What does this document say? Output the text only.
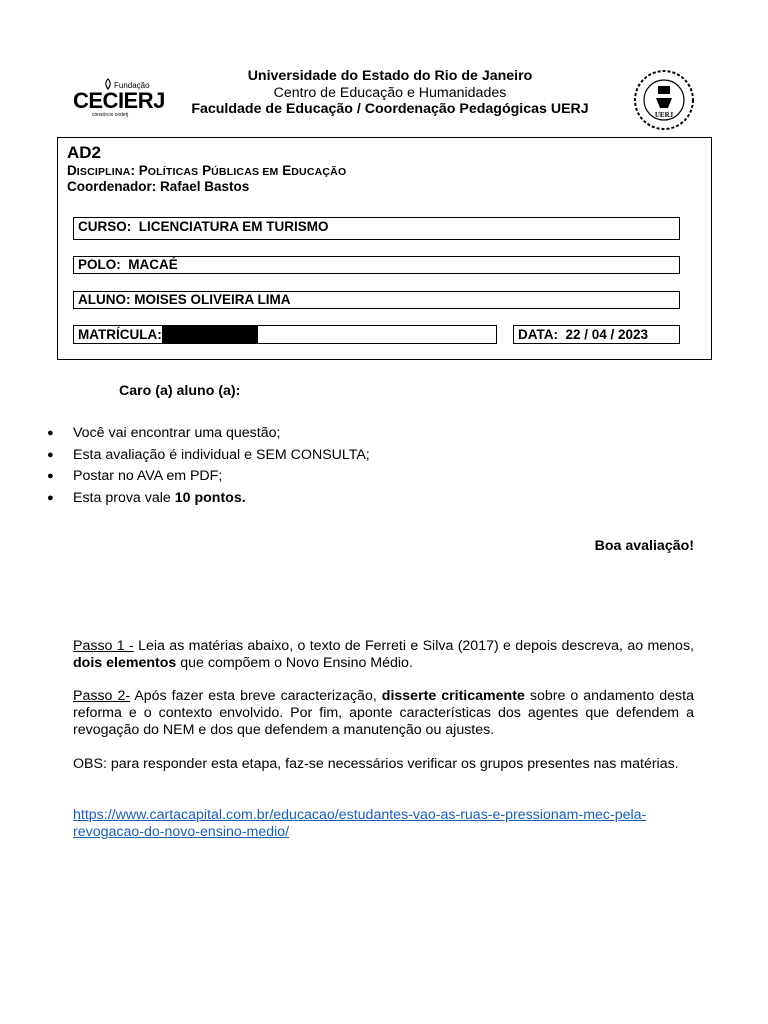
Fundação
CECIERJ
consórcio cederj	UERJ
Universidade do Estado do Rio de Janeiro
Centro de Educação e Humanidades
Faculdade de Educação / Coordenação Pedagógicas UERJ
AD2
DISCIPLINA: POLÍTICAS PÚBLICAS EM EDUCAÇÃO
Coordenador: Rafael Bastos
CURSO:  LICENCIATURA EM TURISMO
POLO:  MACAÉ
ALUNO: MOISES OLIVEIRA LIMA
MATRÍCULA:	DATA:  22 / 04 / 2023
Caro (a) aluno (a):
● Você vai encontrar uma questão;
● Esta avaliação é individual e SEM CONSULTA;
● Postar no AVA em PDF;
● Esta prova vale 10 pontos.
Boa avaliação!
Passo 1 - Leia as matérias abaixo, o texto de Ferreti e Silva (2017) e depois descreva, ao menos, dois elementos que compõem o Novo Ensino Médio.
Passo 2- Após fazer esta breve caracterização, disserte criticamente sobre o andamento desta reforma e o contexto envolvido. Por fim, aponte características dos agentes que defendem a revogação do NEM e dos que defendem a manutenção ou ajustes.
OBS: para responder esta etapa, faz-se necessários verificar os grupos presentes nas matérias.
https://www.cartacapital.com.br/educacao/estudantes-vao-as-ruas-e-pressionam-mec-pela-revogacao-do-novo-ensino-medio/
